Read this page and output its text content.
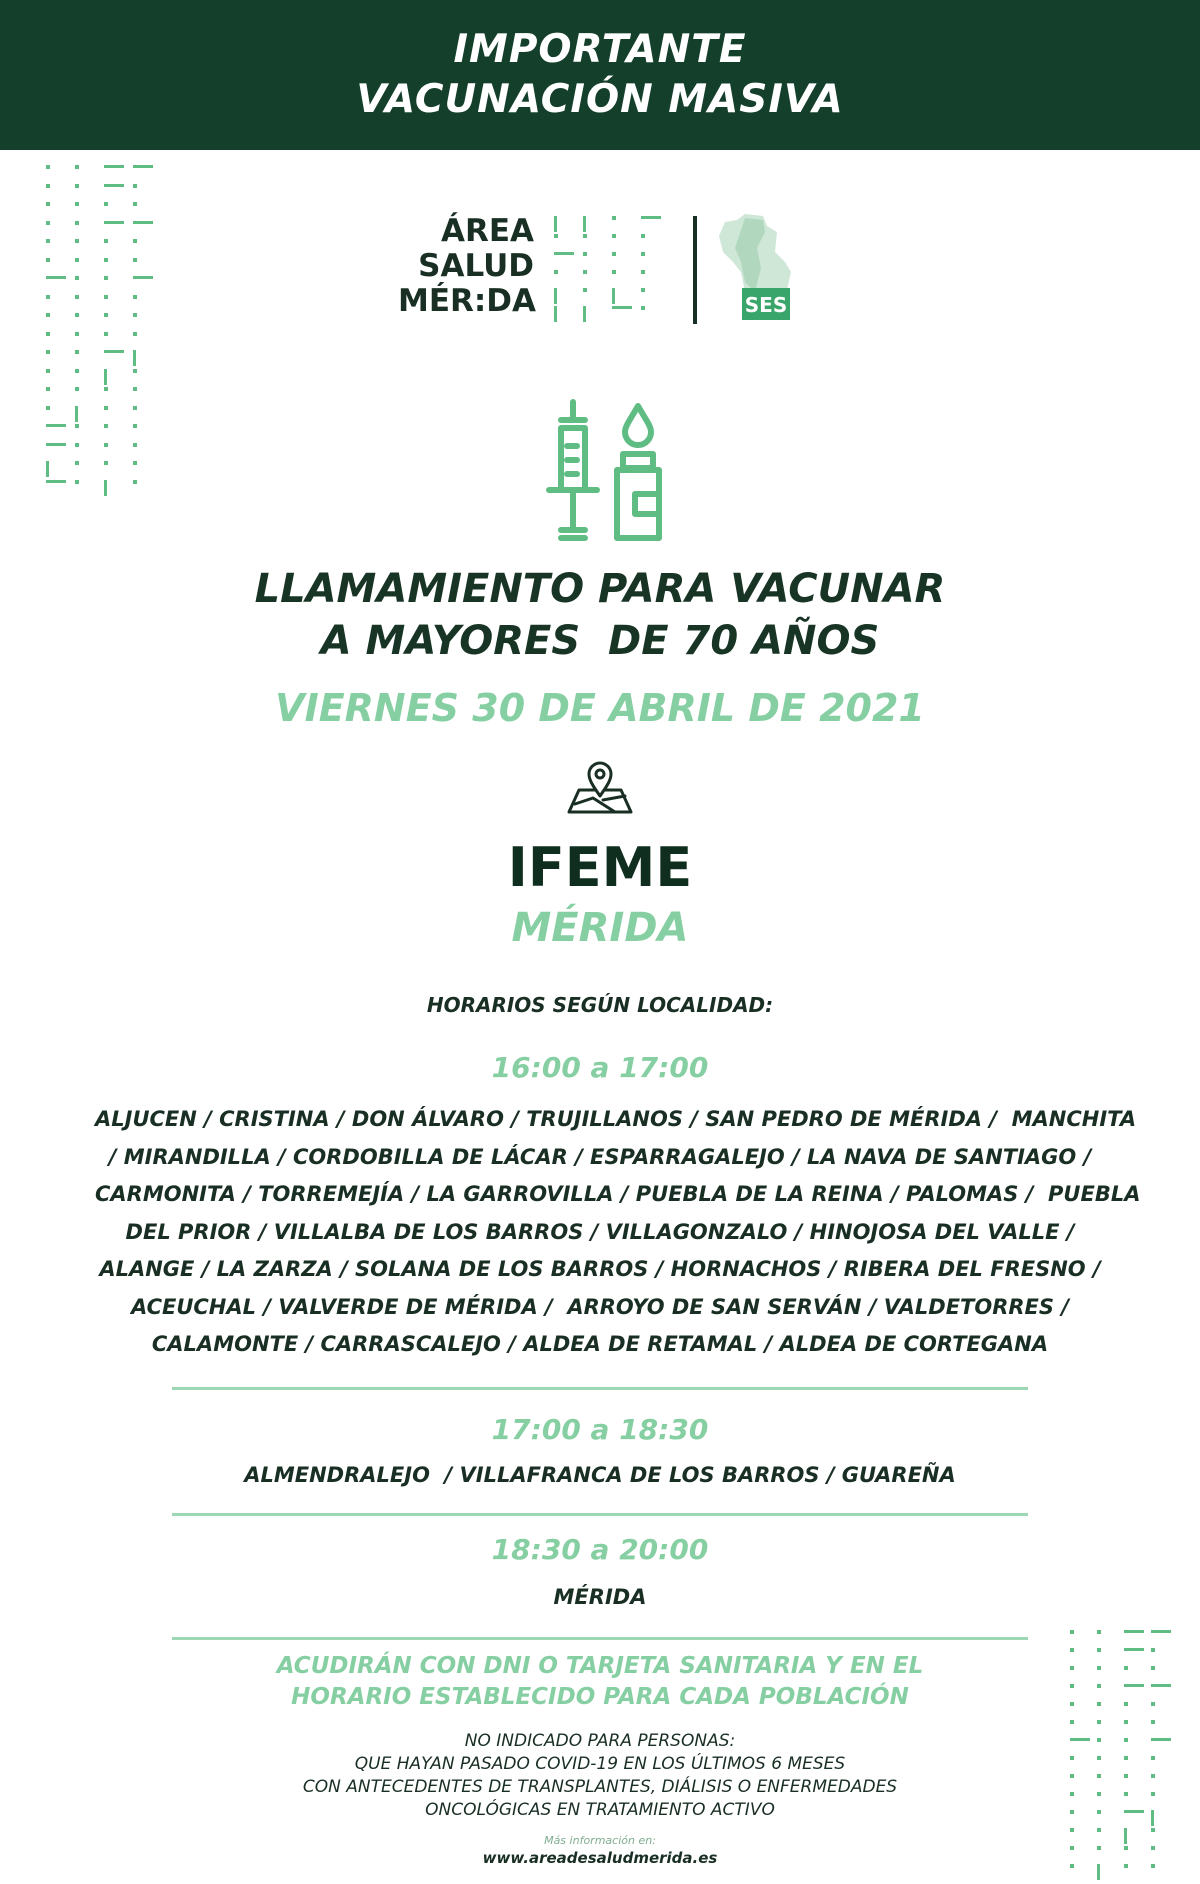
IMPORTANTE
VACUNACIÓN MASIVA
ÁREA
SALUD
MÉR:DA	SES
LLAMAMIENTO PARA VACUNAR
A MAYORES  DE 70 AÑOS
VIERNES 30 DE ABRIL DE 2021
IFEME
MÉRIDA
HORARIOS SEGÚN LOCALIDAD:
16:00 a 17:00
ALJUCEN / CRISTINA / DON ÁLVARO / TRUJILLANOS / SAN PEDRO DE MÉRIDA /  MANCHITA
/ MIRANDILLA / CORDOBILLA DE LÁCAR / ESPARRAGALEJO / LA NAVA DE SANTIAGO /
CARMONITA / TORREMEJÍA / LA GARROVILLA / PUEBLA DE LA REINA / PALOMAS /  PUEBLA
DEL PRIOR / VILLALBA DE LOS BARROS / VILLAGONZALO / HINOJOSA DEL VALLE /
ALANGE / LA ZARZA / SOLANA DE LOS BARROS / HORNACHOS / RIBERA DEL FRESNO /
ACEUCHAL / VALVERDE DE MÉRIDA /  ARROYO DE SAN SERVÁN / VALDETORRES /
CALAMONTE / CARRASCALEJO / ALDEA DE RETAMAL / ALDEA DE CORTEGANA
17:00 a 18:30
ALMENDRALEJO  / VILLAFRANCA DE LOS BARROS / GUAREÑA
18:30 a 20:00
MÉRIDA
ACUDIRÁN CON DNI O TARJETA SANITARIA Y EN EL
HORARIO ESTABLECIDO PARA CADA POBLACIÓN
NO INDICADO PARA PERSONAS:
QUE HAYAN PASADO COVID-19 EN LOS ÚLTIMOS 6 MESES
CON ANTECEDENTES DE TRANSPLANTES, DIÁLISIS O ENFERMEDADES
ONCOLÓGICAS EN TRATAMIENTO ACTIVO
Más información en:
www.areadesaludmerida.es
